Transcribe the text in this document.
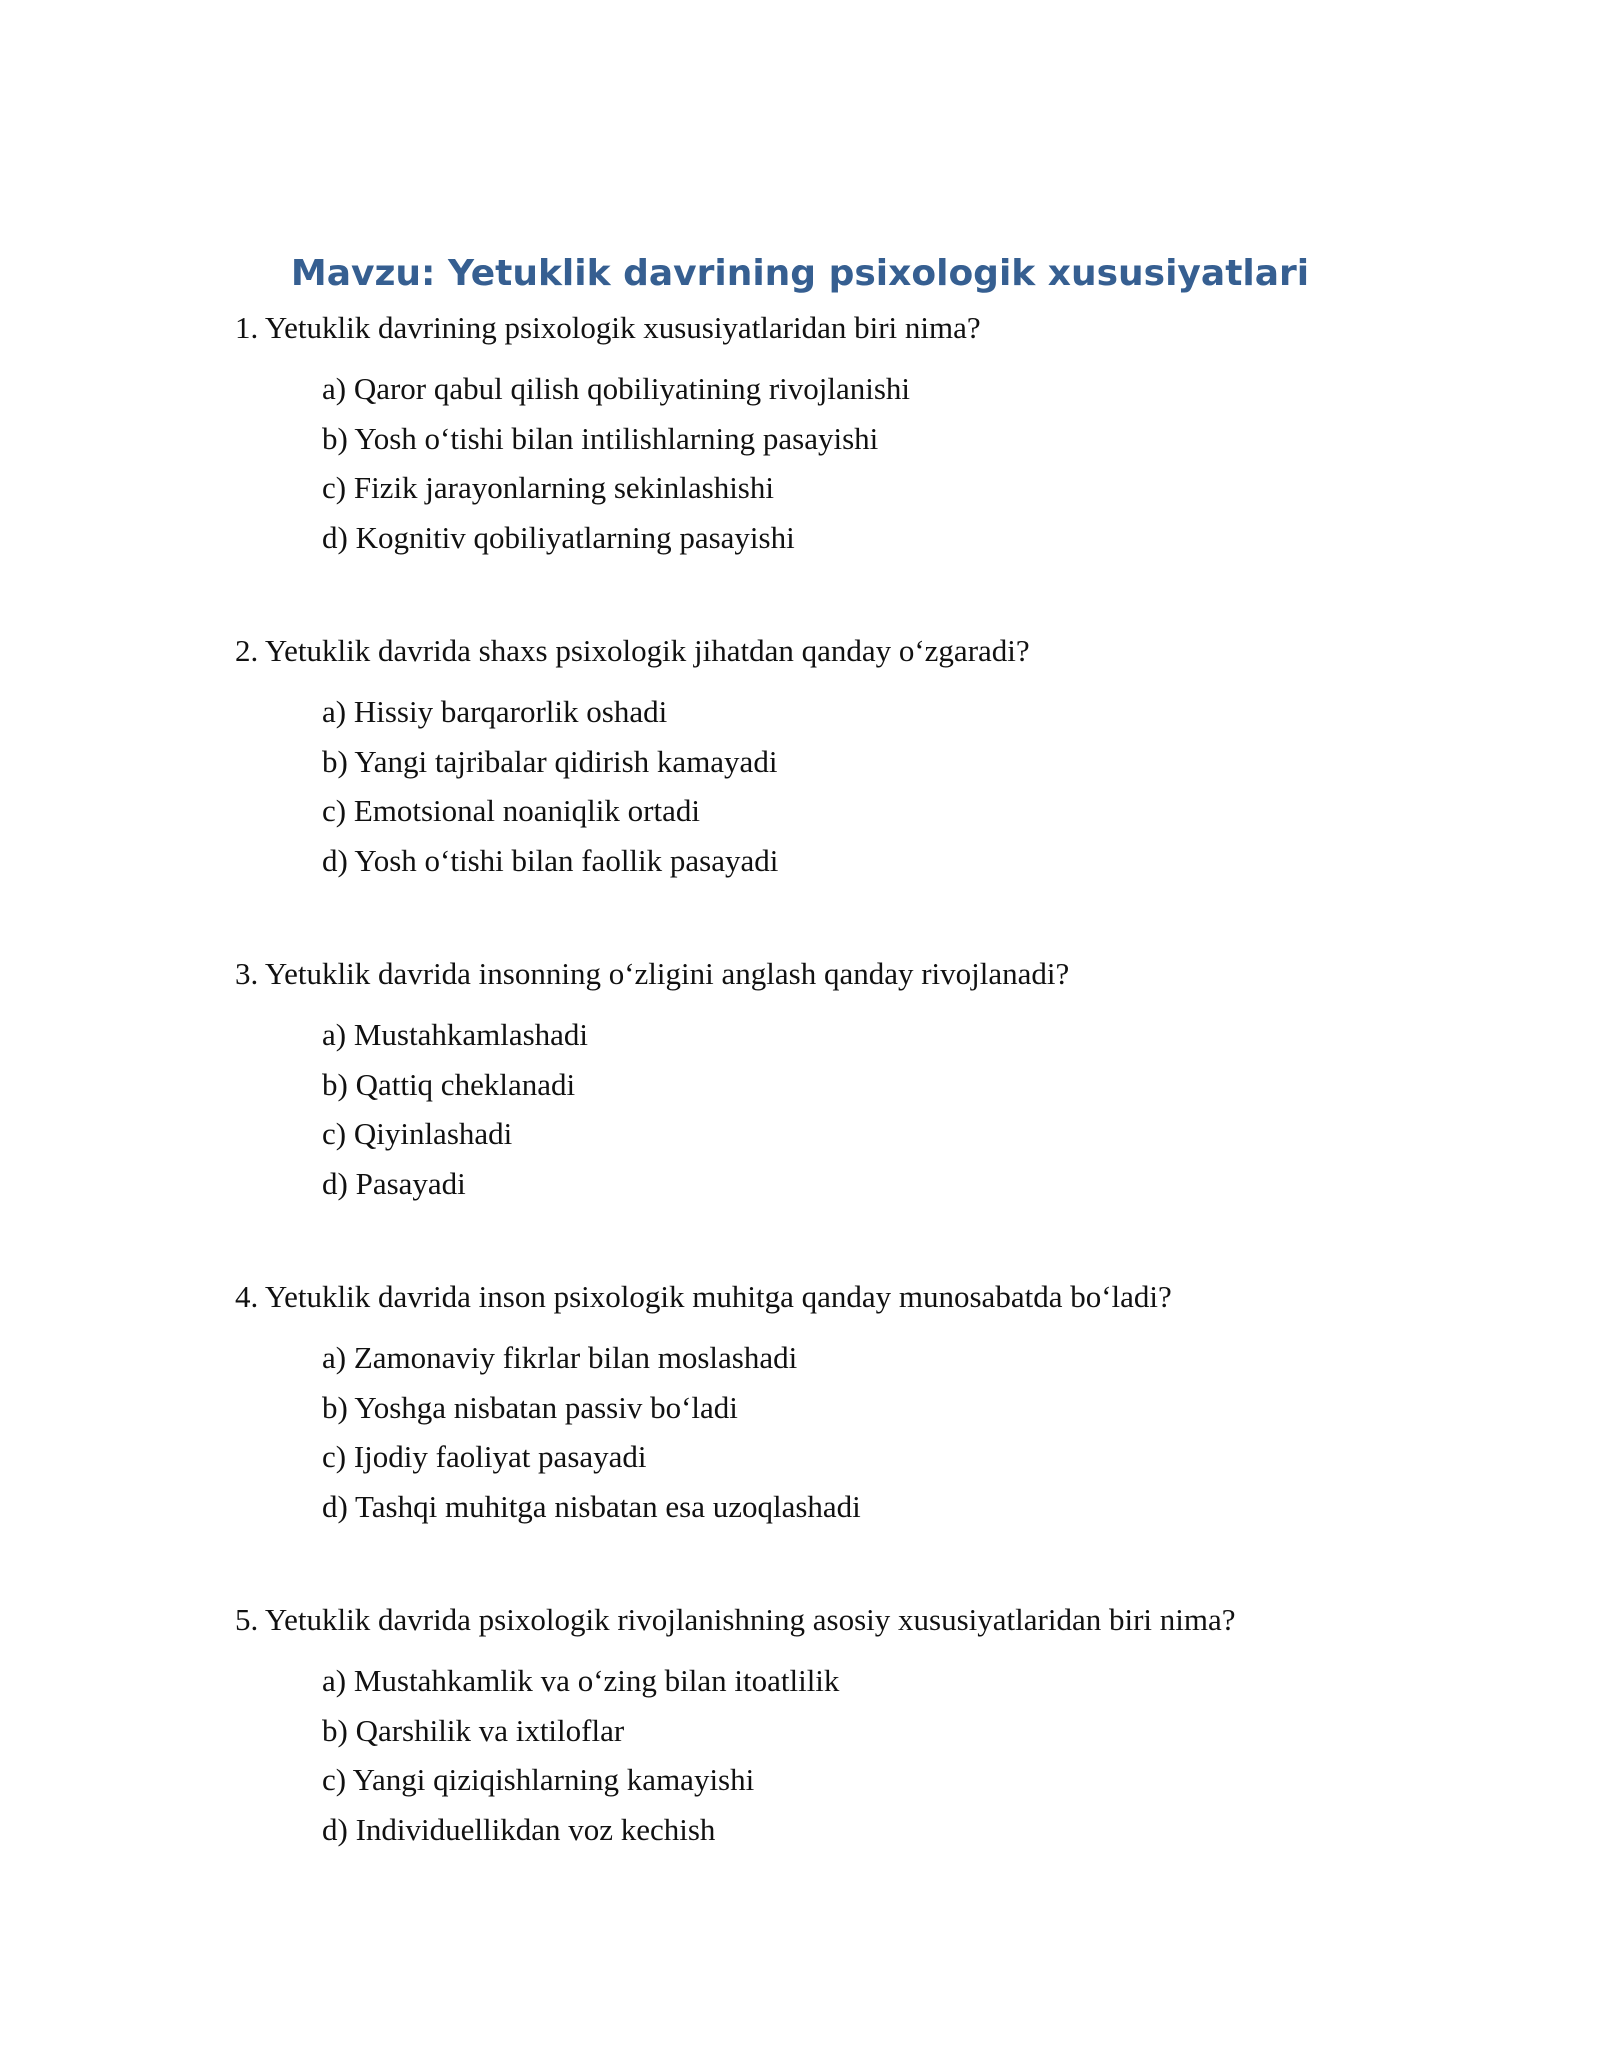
Mavzu: Yetuklik davrining psixologik xususiyatlari

1. Yetuklik davrining psixologik xususiyatlaridan biri nima?

a) Qaror qabul qilish qobiliyatining rivojlanishi
b) Yosh o‘tishi bilan intilishlarning pasayishi
c) Fizik jarayonlarning sekinlashishi
d) Kognitiv qobiliyatlarning pasayishi

2. Yetuklik davrida shaxs psixologik jihatdan qanday o‘zgaradi?

a) Hissiy barqarorlik oshadi
b) Yangi tajribalar qidirish kamayadi
c) Emotsional noaniqlik ortadi
d) Yosh o‘tishi bilan faollik pasayadi

3. Yetuklik davrida insonning o‘zligini anglash qanday rivojlanadi?

a) Mustahkamlashadi
b) Qattiq cheklanadi
c) Qiyinlashadi
d) Pasayadi

4. Yetuklik davrida inson psixologik muhitga qanday munosabatda bo‘ladi?

a) Zamonaviy fikrlar bilan moslashadi
b) Yoshga nisbatan passiv bo‘ladi
c) Ijodiy faoliyat pasayadi
d) Tashqi muhitga nisbatan esa uzoqlashadi

5. Yetuklik davrida psixologik rivojlanishning asosiy xususiyatlaridan biri nima?

a) Mustahkamlik va o‘zing bilan itoatlilik
b) Qarshilik va ixtiloflar
c) Yangi qiziqishlarning kamayishi
d) Individuellikdan voz kechish
